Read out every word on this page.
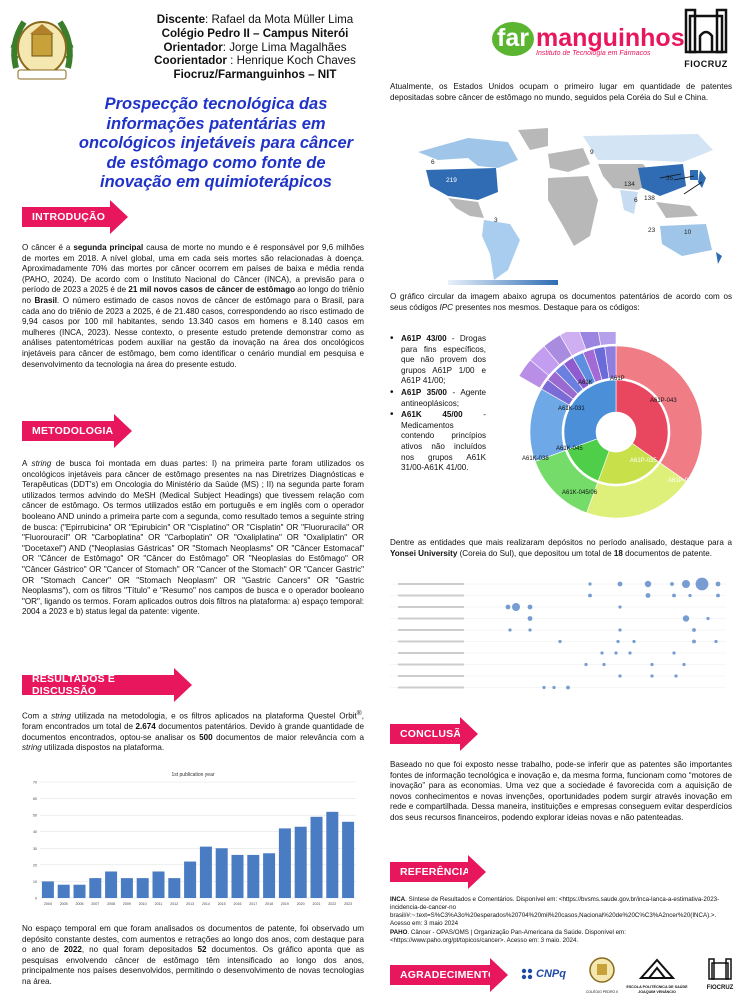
Discente: Rafael da Mota Müller Lima
Colégio Pedro II – Campus Niterói
Orientador: Jorge Lima Magalhães
Coorientador : Henrique Koch Chaves
Fiocruz/Farmanguinhos – NIT
far manguinhos
Instituto de Tecnologia em Fármacos
FIOCRUZ
Prospecção tecnológica das informações patentárias em oncológicos injetáveis para câncer de estômago como fonte de inovação em quimioterápicos
INTRODUÇÃO
O câncer é a segunda principal causa de morte no mundo e é responsável por 9,6 milhões de mortes em 2018. A nível global, uma em cada seis mortes são relacionadas à doença. Aproximadamente 70% das mortes por câncer ocorrem em países de baixa e média renda (PAHO, 2024). De acordo com o Instituto Nacional do Câncer (INCA), a previsão para o período de 2023 a 2025 é de 21 mil novos casos de câncer de estômago ao longo do triênio no Brasil. O número estimado de casos novos de câncer de estômago para o Brasil, para cada ano do triênio de 2023 a 2025, é de 21.480 casos, correspondendo ao risco estimado de 9,94 casos por 100 mil habitantes, sendo 13.340 casos em homens e 8.140 casos em mulheres (INCA, 2023). Nesse contexto, o presente estudo pretende demonstrar como as análises patentométricas podem auxiliar na gestão da inovação na área dos oncológicos injetáveis para câncer de estômago, bem como identificar o cenário mundial em pesquisa e desenvolvimento da tecnologia na área do presente estudo.
METODOLOGIA
A string de busca foi montada em duas partes: I) na primeira parte foram utilizados os oncológicos injetáveis para câncer de estômago presentes na nas Diretrizes Diagnósticas e Terapêuticas (DDT's) em Oncologia do Ministério da Saúde (MS) ; II) na segunda parte foram utilizados termos advindo do MeSH (Medical Subject Headings) que tivessem relação com câncer de estômago. Os termos utilizados estão em português e em inglês com o operador booleano AND unindo a primeira parte com a segunda, como resultado temos a seguinte string de busca: ("Epirrubicina" OR "Epirubicin" OR "Cisplatino" OR "Cisplatin" OR "Fluoruracila" OR "Fluorouracil" OR "Carboplatina" OR "Carboplatin" OR "Oxaliplatina" OR "Oxaliplatin" OR "Docetaxel") AND ("Neoplasias Gástricas" OR "Stomach Neoplasms" OR "Câncer Estomacal" OR "Câncer de Estômago" OR "Câncer do Estômago" OR "Neoplasias do Estômago" OR "Câncer Gástrico" OR "Cancer of Stomach" OR "Cancer of the Stomach" OR "Cancer Gastric" OR "Stomach Cancer" OR "Stomach Neoplasm" OR "Gastric Cancers" OR "Gastric Neoplasms"), com os filtros "Título" e "Resumo" nos campos de busca e o operador booleano "OR", ligando os termos. Foram aplicados outros dois filtros na plataforma: a) espaço temporal: 2004 a 2023 e b) status legal da patente: vigente.
RESULTADOS E DISCUSSÃO
Com a string utilizada na metodologia, e os filtros aplicados na plataforma Questel Orbit®, foram encontrados um total de 2.674 documentos patentários. Devido à grande quantidade de documentos encontrados, optou-se analisar os 500 documentos de maior relevância com a string utilizada dispostos na plataforma.
1st publication year
2004 2005 2006 2007 2008 2009 2010 2011 2012 2013 2014 2015 2016 2017 2018 2019 2020 2021 2022 2023
0
10
20
30
40
50
60
70
No espaço temporal em que foram analisados os documentos de patente, foi observado um depósito constante destes, com aumentos e retrações ao longo dos anos, com destaque para o ano de 2022, no qual foram depositados 52 documentos. Os gráfico aponta que as pesquisas envolvendo câncer de estômago têm intensificado ao longo dos anos, principalmente nos países desenvolvidos, permitindo o desenvolvimento de novas tecnologias na área.
Atualmente, os Estados Unidos ocupam o primeiro lugar em quantidade de patentes depositadas sobre câncer de estômago no mundo, seguidos pela Coréia do Sul e China.
6
219
9
3
134
35
138
6
23	10
O gráfico circular da imagem abaixo agrupa os documentos patentários de acordo com os seus códigos IPC presentes nos mesmos. Destaque para os códigos:
• A61P 43/00 - Drogas para fins específicos, que não provem dos grupos A61P 1/00 e A61P 41/00;
• A61P 35/00 - Agente antineoplásicos;
• A61K 45/00 - Medicamentos contendo princípios ativos não incluídos nos grupos A61K 31/00-A61K 41/00.
A61K
A61P
A61K-031
A61K-045
A61K-045/06
A61K-038	A61P-035
A61P-035/00
A61P-043
Dentre as entidades que mais realizaram depósitos no período analisado, destaque para a Yonsei University (Coreia do Sul), que depositou um total de 18 documentos de patente.
CONCLUSÃO
Baseado no que foi exposto nesse trabalho, pode-se inferir que as patentes são importantes fontes de informação tecnológica e inovação e, da mesma forma, funcionam como “motores de inovação” para as economias. Uma vez que a sociedade é favorecida com a aquisição de novos conhecimentos e novas invenções, oportunidades podem surgir através inovação em rede e compartilhada. Dessa maneira, instituições e empresas conseguem evitar desperdícios dos seus recursos financeiros, podendo explorar ideias novas e não patenteadas.
REFERÊNCIAS
INCA. Síntese de Resultados e Comentários. Disponível em: <https://bvsms.saude.gov.br/inca-lanca-a-estimativa-2023-incidencia-de-cancer-no brasil/#:~:text=S%C3%A3o%20esperados%20704%20mil%20casos,Nacional%20de%20C%C3%A2ncer%20(INCA).>. Acesso em: 3 maio 2024
PAHO. Câncer - OPAS/OMS | Organização Pan-Americana da Saúde. Disponível em: <https://www.paho.org/pt/topicos/cancer>. Acesso em: 3 maio. 2024.
AGRADECIMENTOS	CNPq
COLÉGIO PEDRO II
ESCOLA POLITÉCNICA DE SAÚDE JOAQUIM VENÂNCIO
FIOCRUZ
